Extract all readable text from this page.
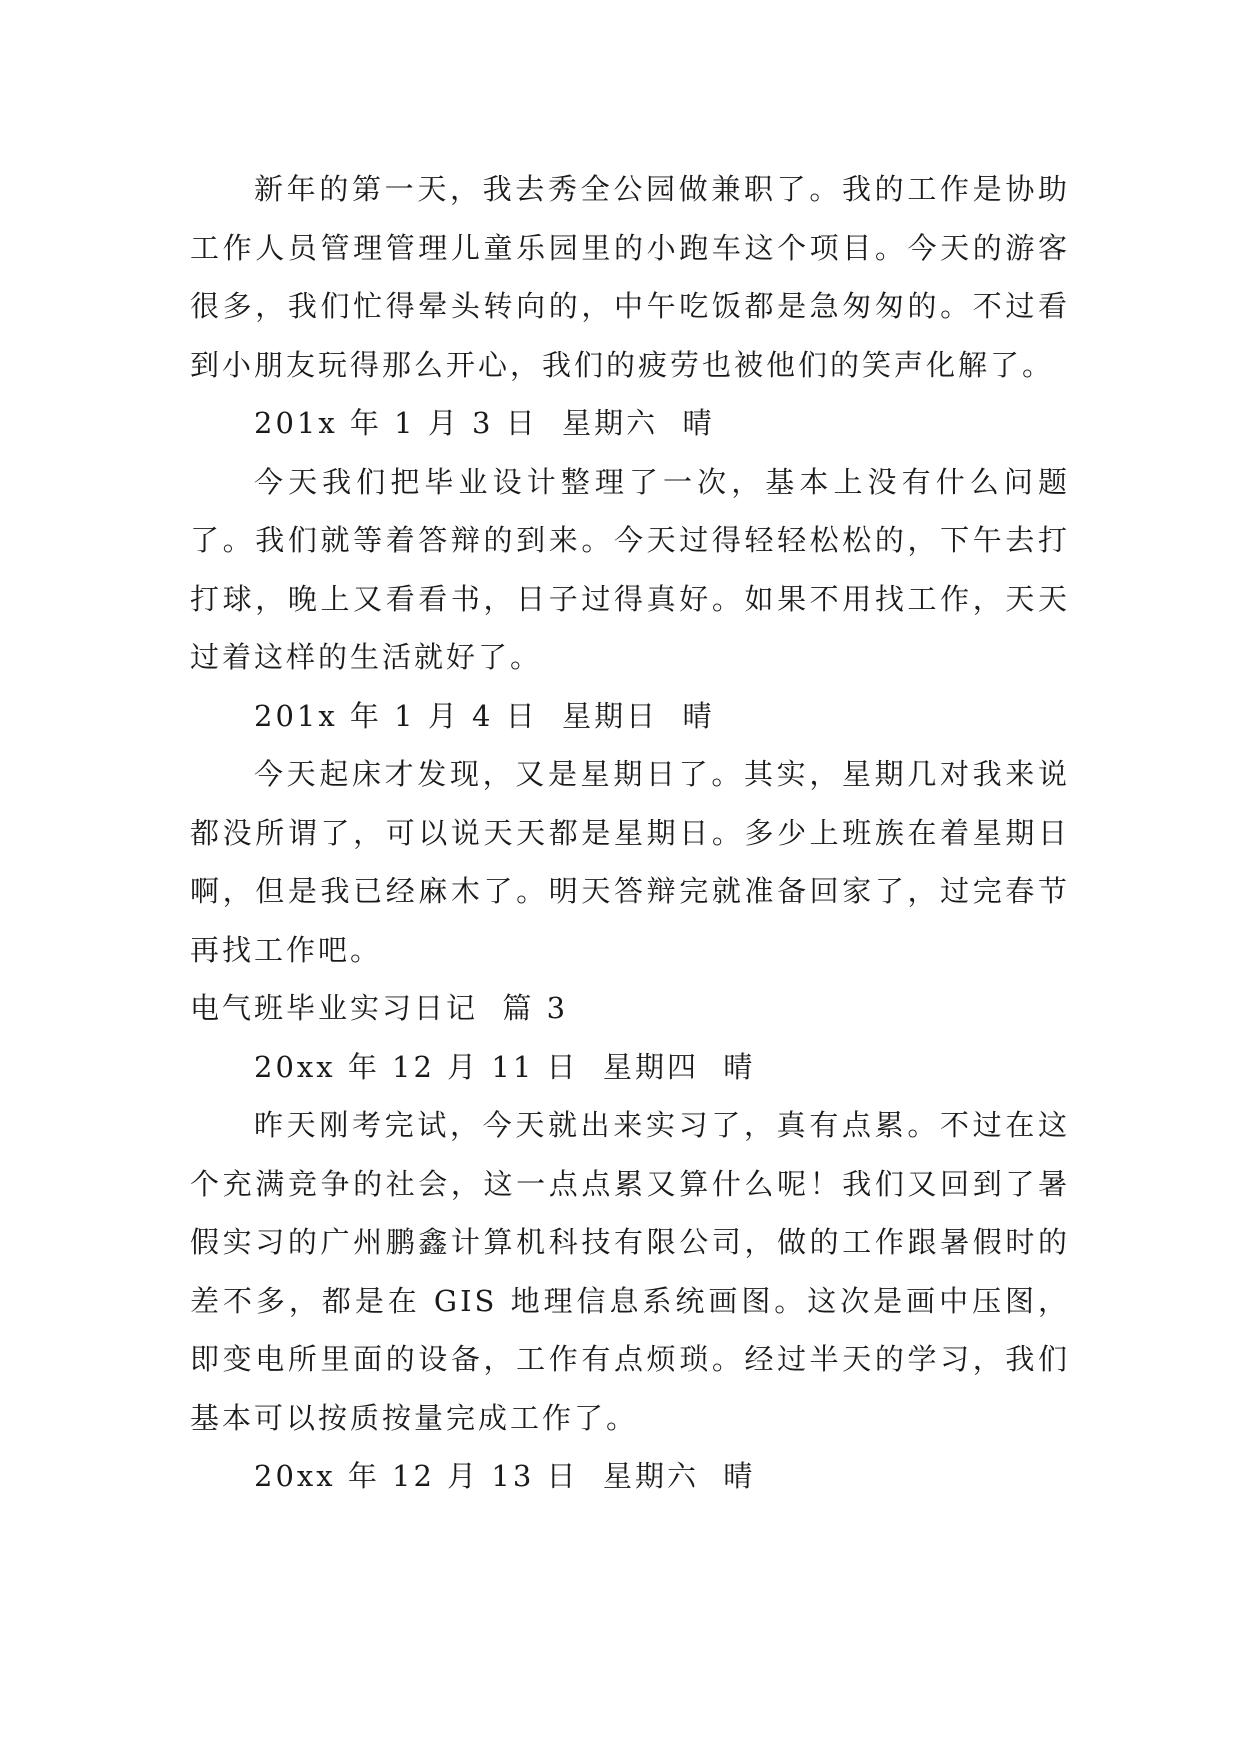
新年的第一天，我去秀全公园做兼职了。我的工作是协助工作人员管理管理儿童乐园里的小跑车这个项目。今天的游客很多，我们忙得晕头转向的，中午吃饭都是急匆匆的。不过看到小朋友玩得那么开心，我们的疲劳也被他们的笑声化解了。

201x 年 1 月 3 日  星期六  晴

今天我们把毕业设计整理了一次，基本上没有什么问题了。我们就等着答辩的到来。今天过得轻轻松松的，下午去打打球，晚上又看看书，日子过得真好。如果不用找工作，天天过着这样的生活就好了。

201x 年 1 月 4 日  星期日  晴

今天起床才发现，又是星期日了。其实，星期几对我来说都没所谓了，可以说天天都是星期日。多少上班族在着星期日啊，但是我已经麻木了。明天答辩完就准备回家了，过完春节再找工作吧。

电气班毕业实习日记  篇 3

20xx 年 12 月 11 日  星期四  晴

昨天刚考完试，今天就出来实习了，真有点累。不过在这个充满竞争的社会，这一点点累又算什么呢！我们又回到了暑假实习的广州鹏鑫计算机科技有限公司，做的工作跟暑假时的差不多，都是在 GIS 地理信息系统画图。这次是画中压图，即变电所里面的设备，工作有点烦琐。经过半天的学习，我们基本可以按质按量完成工作了。

20xx 年 12 月 13 日  星期六  晴
